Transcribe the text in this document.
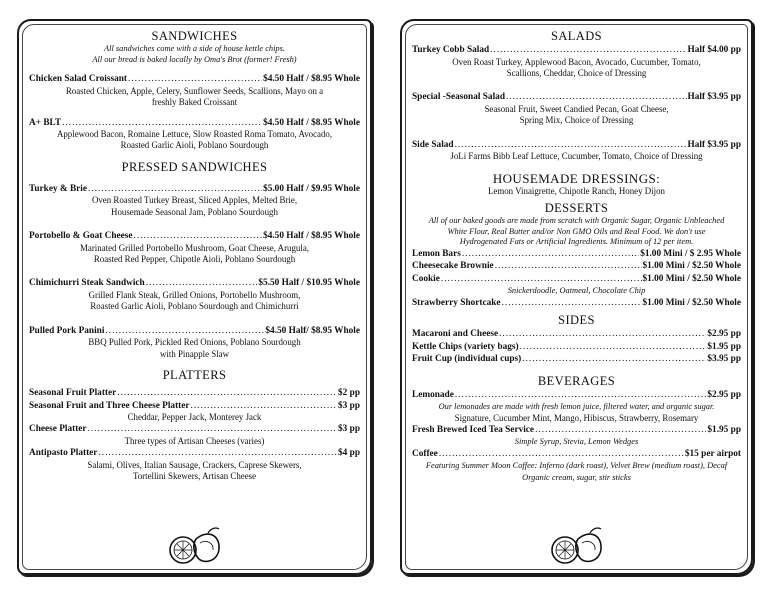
SANDWICHES
All sandwiches come with a side of house kettle chips.
All our bread is baked locally by Oma's Brot (former! Fresh)
Chicken Salad Croissant .....	$4.50 Half / $8.95 Whole
Roasted Chicken, Apple, Celery, Sunflower Seeds, Scallions, Mayo on a
freshly Baked Croissant
A+ BLT .....	$4.50 Half / $8.95 Whole
Applewood Bacon, Romaine Lettuce, Slow Roasted Roma Tomato, Avocado,
Roasted Garlic Aioli, Poblano Sourdough
PRESSED SANDWICHES
Turkey & Brie .....	$5.00 Half / $9.95 Whole
Oven Roasted Turkey Breast, Sliced Apples, Melted Brie,
Housemade Seasonal Jam, Poblano Sourdough
Portobello & Goat Cheese .....	$4.50 Half / $8.95 Whole
Marinated Grilled Portobello Mushroom, Goat Cheese, Arugula,
Roasted Red Pepper, Chipotle Aioli, Poblano Sourdough
Chimichurri Steak Sandwich .....	$5.50 Half / $10.95 Whole
Grilled Flank Steak, Grilled Onions, Portobello Mushroom,
Roasted Garlic Aioli, Poblano Sourdough and Chimichurri
Pulled Pork Panini .....	$4.50 Half/ $8.95 Whole
BBQ Pulled Pork, Pickled Red Onions, Poblano Sourdough
with Pinapple Slaw
PLATTERS
Seasonal Fruit Platter .....	$2 pp
Seasonal Fruit and Three Cheese Platter .....	$3 pp
Cheddar, Pepper Jack, Monterey Jack
Cheese Platter .....	$3 pp
Three types of Artisan Cheeses (varies)
Antipasto Platter .....	$4 pp
Salami, Olives, Italian Sausage, Crackers, Caprese Skewers,
Tortellini Skewers, Artisan Cheese
SALADS
Turkey Cobb Salad .....	Half $4.00 pp
Oven Roast Turkey, Applewood Bacon, Avocado, Cucumber, Tomato,
Scallions, Cheddar, Choice of Dressing
Special -Seasonal Salad .....	Half $3.95 pp
Seasonal Fruit, Sweet Candied Pecan, Goat Cheese,
Spring Mix, Choice of Dressing
Side Salad .....	Half $3.95 pp
JoLi Farms Bibb Leaf Lettuce, Cucumber, Tomato, Choice of Dressing
HOUSEMADE DRESSINGS:
Lemon Vinaigrette, Chipotle Ranch, Honey Dijon
DESSERTS
All of our baked goods are made from scratch with Organic Sugar, Organic Unbleached
White Flour, Real Butter and/or Non GMO Oils and Real Food. We don't use
Hydrogenated Fats or Artificial Ingredients. Minimum of 12 per item.
Lemon Bars .....	$1.00 Mini / $ 2.95 Whole
Cheesecake Brownie .....	$1.00 Mini / $2.50 Whole
Cookie .....	$1.00 Mini / $2.50 Whole
Snickerdoodle, Oatmeal, Chocolate Chip
Strawberry Shortcake .....	$1.00 Mini / $2.50 Whole
SIDES
Macaroni and Cheese .....	$2.95 pp
Kettle Chips (variety bags) .....	$1.95 pp
Fruit Cup (individual cups) .....	$3.95 pp
BEVERAGES
Lemonade .....	$2.95 pp
Our lemonades are made with fresh lemon juice, filtered water, and organic sugar.
Signature, Cucumber Mint, Mango, Hibiscus, Strawberry, Rosemary
Fresh Brewed Iced Tea Service .....	$1.95 pp
Simple Syrup, Stevia, Lemon Wedges
Coffee .....	$15 per airpot
Featuring Summer Moon Coffee: Inferno (dark roast), Velvet Brew (medium roast), Decaf
Organic cream, sugar, stir sticks
